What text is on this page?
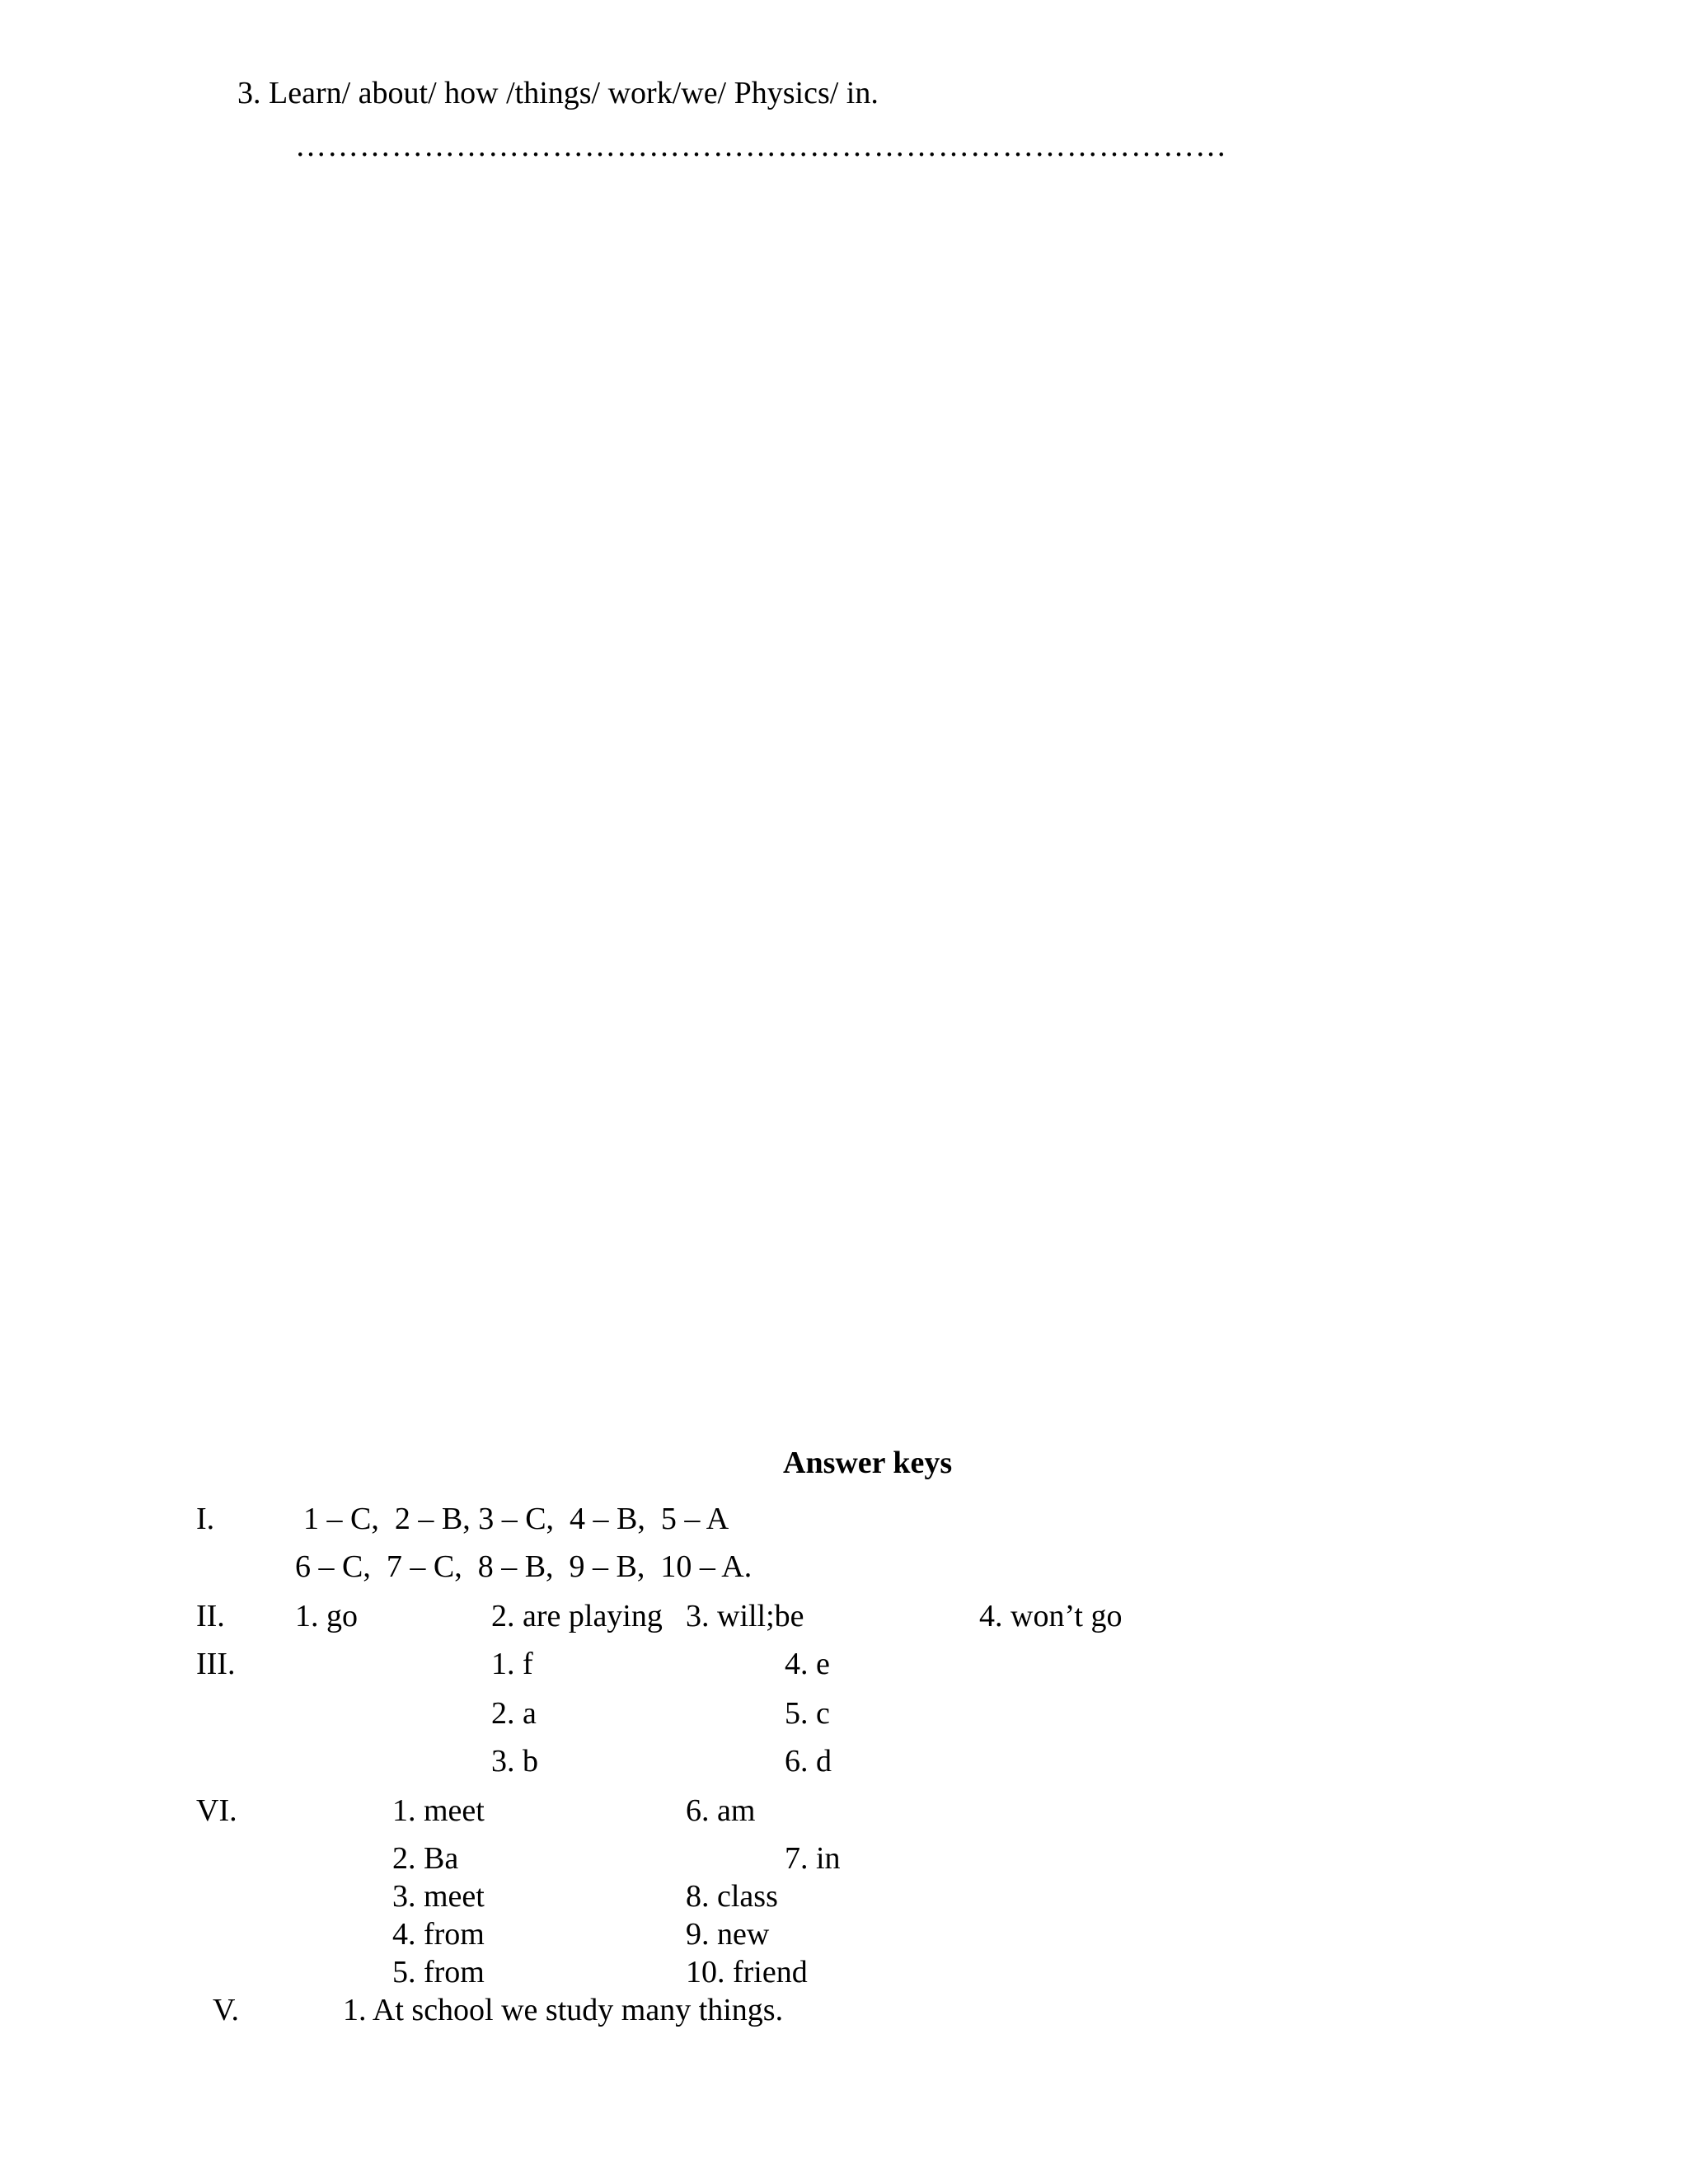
3. Learn/ about/ how /things/ work/we/ Physics/ in.
……………………………………………………………………………
Answer keys
I.	1 – C,  2 – B, 3 – C,  4 – B,  5 – A
6 – C,  7 – C,  8 – B,  9 – B,  10 – A.
II. 1. go	2. are playing 3. will;be	4. won’t go
III.	1. f	4. e
2. a	5. c
3. b	6. d
VI.	1. meet	6. am
2. Ba	7. in
3. meet	8. class
4. from	9. new
5. from	10. friend
V.	1. At school we study many things.
